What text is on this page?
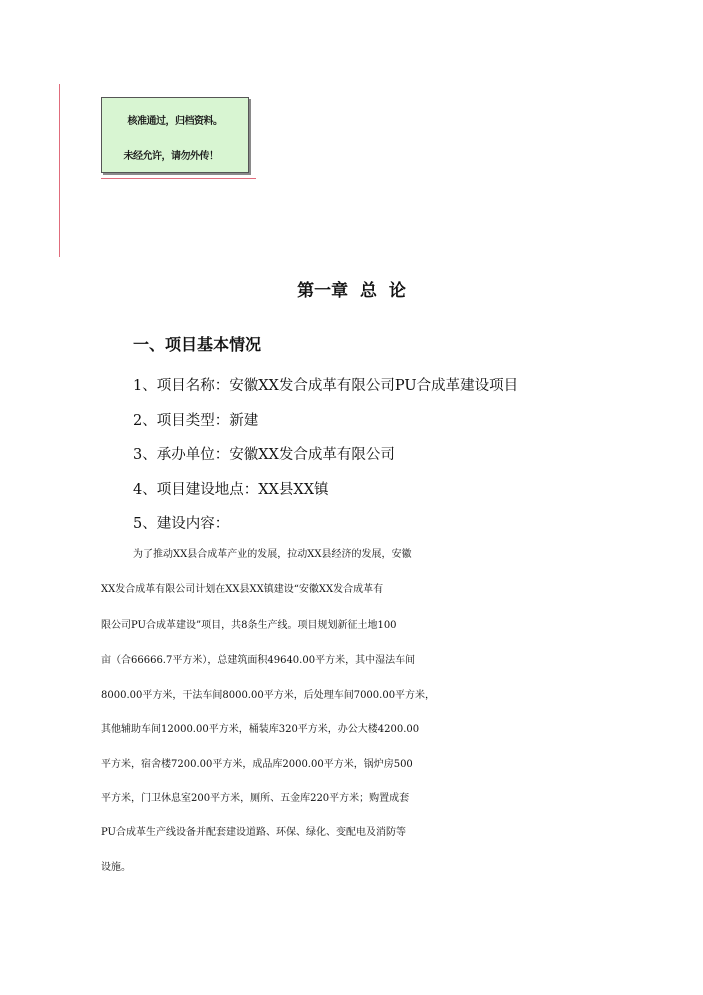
核准通过，归档资料。
未经允许，请勿外传！
第一章  总  论
一、项目基本情况
1、项目名称：安徽XX发合成革有限公司PU合成革建设项目
2、项目类型：新建
3、承办单位：安徽XX发合成革有限公司
4、项目建设地点：XX县XX镇
5、建设内容：
为了推动XX县合成革产业的发展，拉动XX县经济的发展，安徽
XX发合成革有限公司计划在XX县XX镇建设“安徽XX发合成革有
限公司PU合成革建设”项目，共8条生产线。项目规划新征土地100
亩（合66666.7平方米），总建筑面积49640.00平方米，其中湿法车间
8000.00平方米，干法车间8000.00平方米，后处理车间7000.00平方米，
其他辅助车间12000.00平方米，桶装库320平方米，办公大楼4200.00
平方米，宿舍楼7200.00平方米，成品库2000.00平方米，锅炉房500
平方米，门卫休息室200平方米，厕所、五金库220平方米；购置成套
PU合成革生产线设备并配套建设道路、环保、绿化、变配电及消防等
设施。
